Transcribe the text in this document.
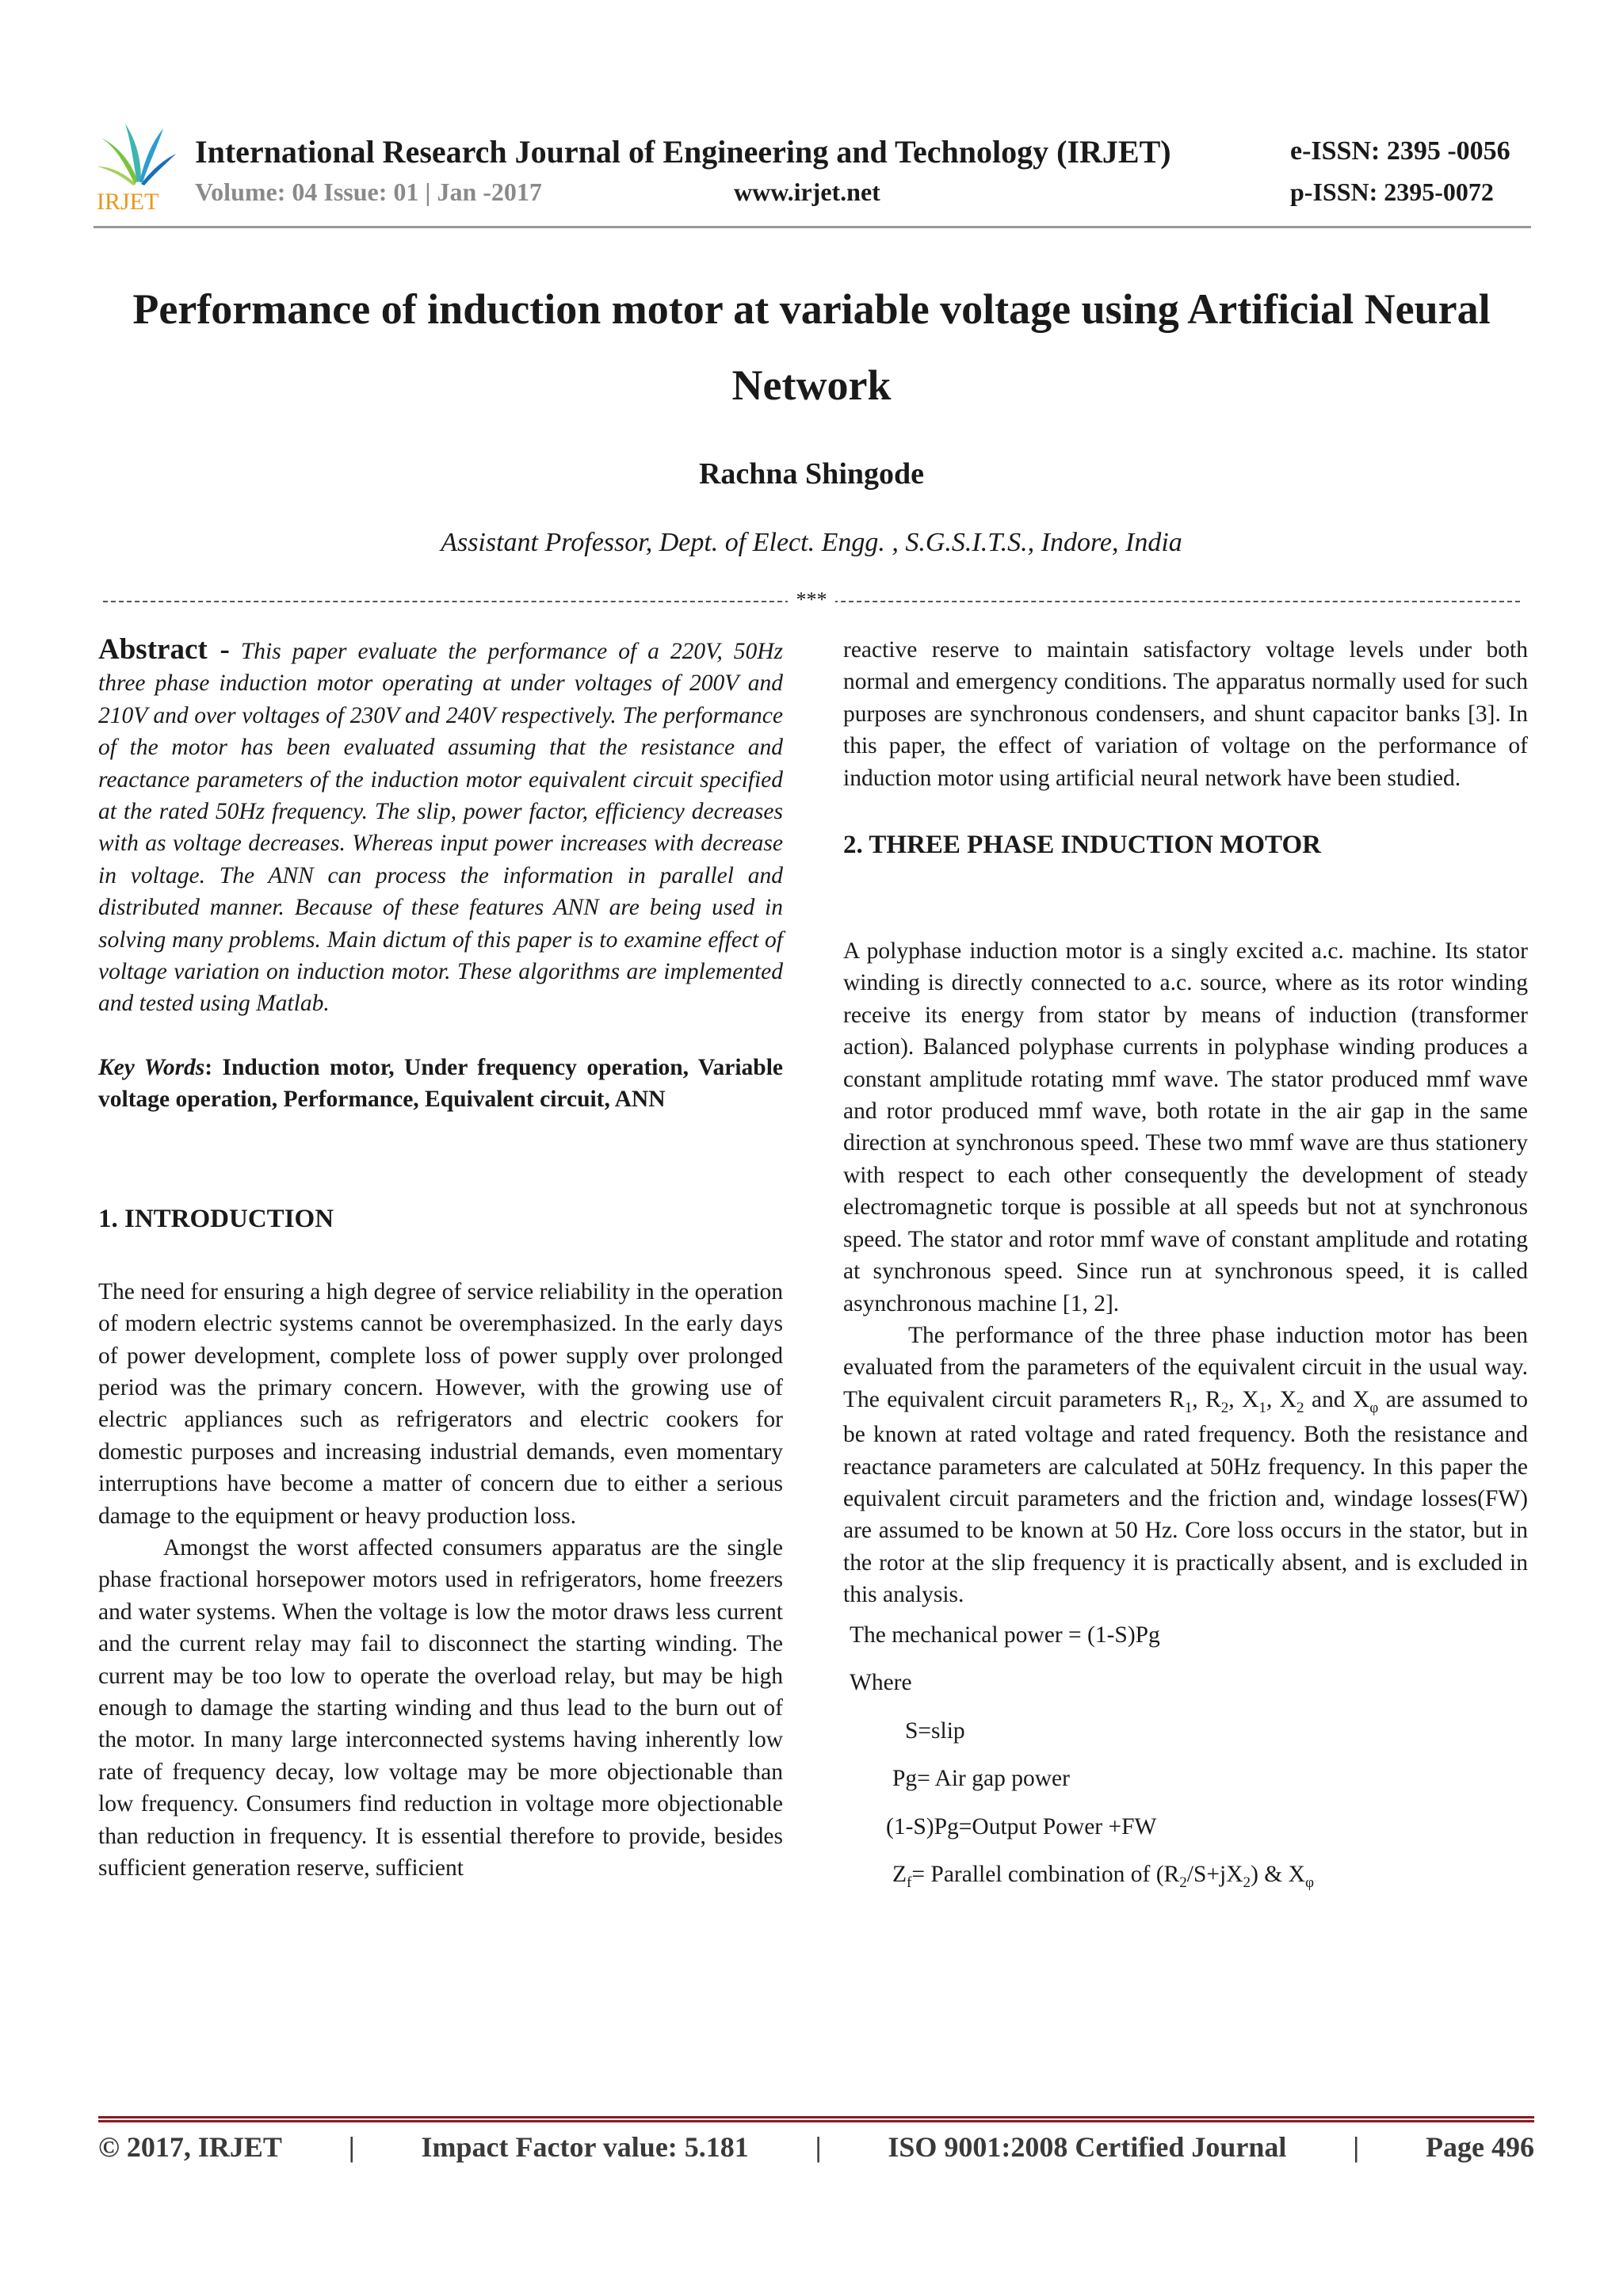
IRJET
International Research Journal of Engineering and Technology (IRJET)	e-ISSN: 2395 -0056
Volume: 04 Issue: 01 | Jan -2017	www.irjet.net	p-ISSN: 2395-0072
Performance of induction motor at variable voltage using Artificial Neural Network
Rachna Shingode
Assistant Professor, Dept. of Elect. Engg. , S.G.S.I.T.S., Indore, India
***

Abstract - This paper evaluate the performance of a 220V, 50Hz three phase induction motor operating at under voltages of 200V and 210V and over voltages of 230V and 240V respectively. The performance of the motor has been evaluated assuming that the resistance and reactance parameters of the induction motor equivalent circuit specified at the rated 50Hz frequency. The slip, power factor, efficiency decreases with as voltage decreases. Whereas input power increases with decrease in voltage. The ANN can process the information in parallel and distributed manner. Because of these features ANN are being used in solving many problems. Main dictum of this paper is to examine effect of voltage variation on induction motor. These algorithms are implemented and tested using Matlab.

Key Words: Induction motor, Under frequency operation, Variable voltage operation, Performance, Equivalent circuit, ANN

1. INTRODUCTION

The need for ensuring a high degree of service reliability in the operation of modern electric systems cannot be overemphasized. In the early days of power development, complete loss of power supply over prolonged period was the primary concern. However, with the growing use of electric appliances such as refrigerators and electric cookers for domestic purposes and increasing industrial demands, even momentary interruptions have become a matter of concern due to either a serious damage to the equipment or heavy production loss.

Amongst the worst affected consumers apparatus are the single phase fractional horsepower motors used in refrigerators, home freezers and water systems. When the voltage is low the motor draws less current and the current relay may fail to disconnect the starting winding. The current may be too low to operate the overload relay, but may be high enough to damage the starting winding and thus lead to the burn out of the motor. In many large interconnected systems having inherently low rate of frequency decay, low voltage may be more objectionable than low frequency. Consumers find reduction in voltage more objectionable than reduction in frequency. It is essential therefore to provide, besides sufficient generation reserve, sufficient

reactive reserve to maintain satisfactory voltage levels under both normal and emergency conditions. The apparatus normally used for such purposes are synchronous condensers, and shunt capacitor banks [3]. In this paper, the effect of variation of voltage on the performance of induction motor using artificial neural network have been studied.

2. THREE PHASE INDUCTION MOTOR

A polyphase induction motor is a singly excited a.c. machine. Its stator winding is directly connected to a.c. source, where as its rotor winding receive its energy from stator by means of induction (transformer action). Balanced polyphase currents in polyphase winding produces a constant amplitude rotating mmf wave. The stator produced mmf wave and rotor produced mmf wave, both rotate in the air gap in the same direction at synchronous speed. These two mmf wave are thus stationery with respect to each other consequently the development of steady electromagnetic torque is possible at all speeds but not at synchronous speed. The stator and rotor mmf wave of constant amplitude and rotating at synchronous speed. Since run at synchronous speed, it is called asynchronous machine [1, 2].

The performance of the three phase induction motor has been evaluated from the parameters of the equivalent circuit in the usual way. The equivalent circuit parameters $R_1$, $R_2$, $X_1$, $X_2$ and $X_\varphi$ are assumed to be known at rated voltage and rated frequency. Both the resistance and reactance parameters are calculated at 50Hz frequency. In this paper the equivalent circuit parameters and the friction and, windage losses(FW) are assumed to be known at 50 Hz. Core loss occurs in the stator, but in the rotor at the slip frequency it is practically absent, and is excluded in this analysis.

The mechanical power = (1-S)Pg
Where
S=slip
Pg= Air gap power
(1-S)Pg=Output Power +FW
$Z_f=$ Parallel combination of $(R_2/S+jX_2)$ & $X_\varphi$
© 2017, IRJET | Impact Factor value: 5.181 | ISO 9001:2008 Certified Journal | Page 496
